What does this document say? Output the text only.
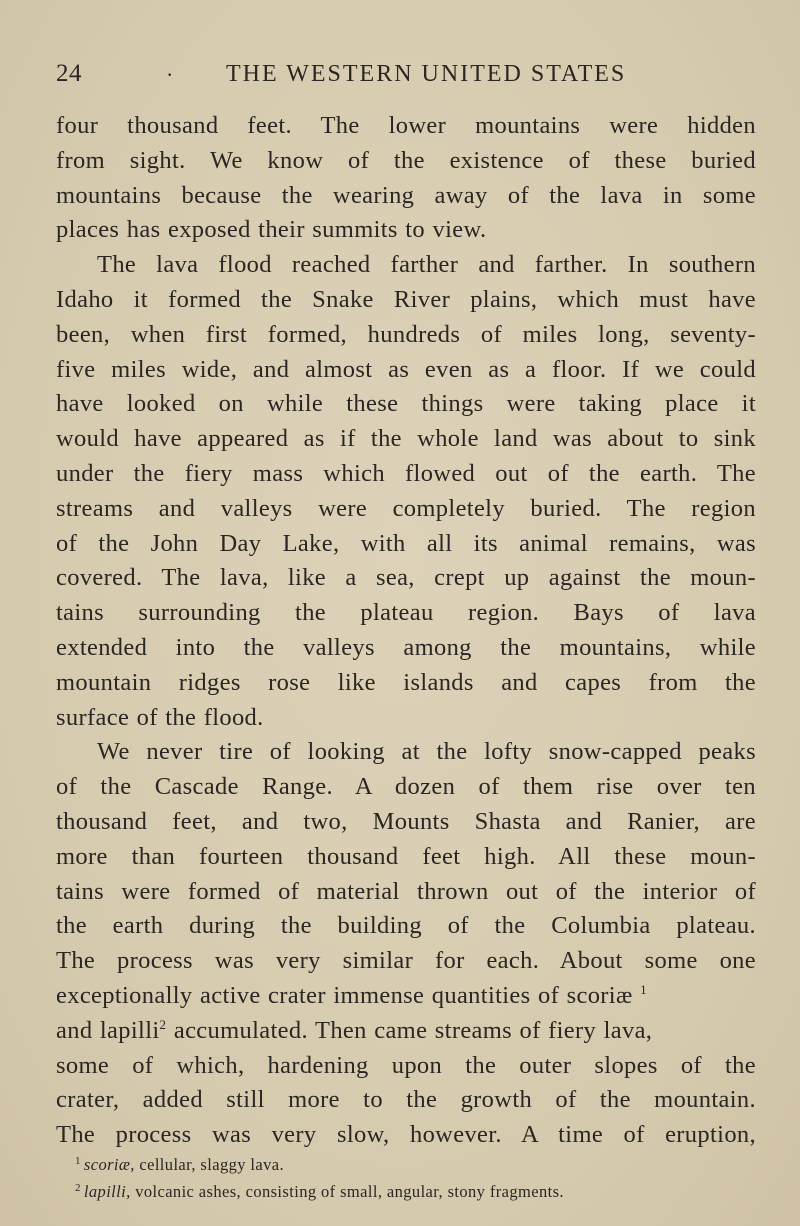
24	· THE WESTERN UNITED STATES
four thousand feet. The lower mountains were hidden
from sight. We know of the existence of these buried
mountains because the wearing away of the lava in some
places has exposed their summits to view.
The lava flood reached farther and farther. In southern
Idaho it formed the Snake River plains, which must have
been, when first formed, hundreds of miles long, seventy-
five miles wide, and almost as even as a floor. If we could
have looked on while these things were taking place it
would have appeared as if the whole land was about to sink
under the fiery mass which flowed out of the earth. The
streams and valleys were completely buried. The region
of the John Day Lake, with all its animal remains, was
covered. The lava, like a sea, crept up against the moun-
tains surrounding the plateau region. Bays of lava
extended into the valleys among the mountains, while
mountain ridges rose like islands and capes from the
surface of the flood.
We never tire of looking at the lofty snow-capped peaks
of the Cascade Range. A dozen of them rise over ten
thousand feet, and two, Mounts Shasta and Ranier, are
more than fourteen thousand feet high. All these moun-
tains were formed of material thrown out of the interior of
the earth during the building of the Columbia plateau.
The process was very similar for each. About some one
exceptionally active crater immense quantities of scoriæ $^1$
and lapilli$^2$ accumulated. Then came streams of fiery lava,
some of which, hardening upon the outer slopes of the
crater, added still more to the growth of the mountain.
The process was very slow, however. A time of eruption,
$^1$ scoriæ, cellular, slaggy lava.
$^2$ lapilli, volcanic ashes, consisting of small, angular, stony fragments.
